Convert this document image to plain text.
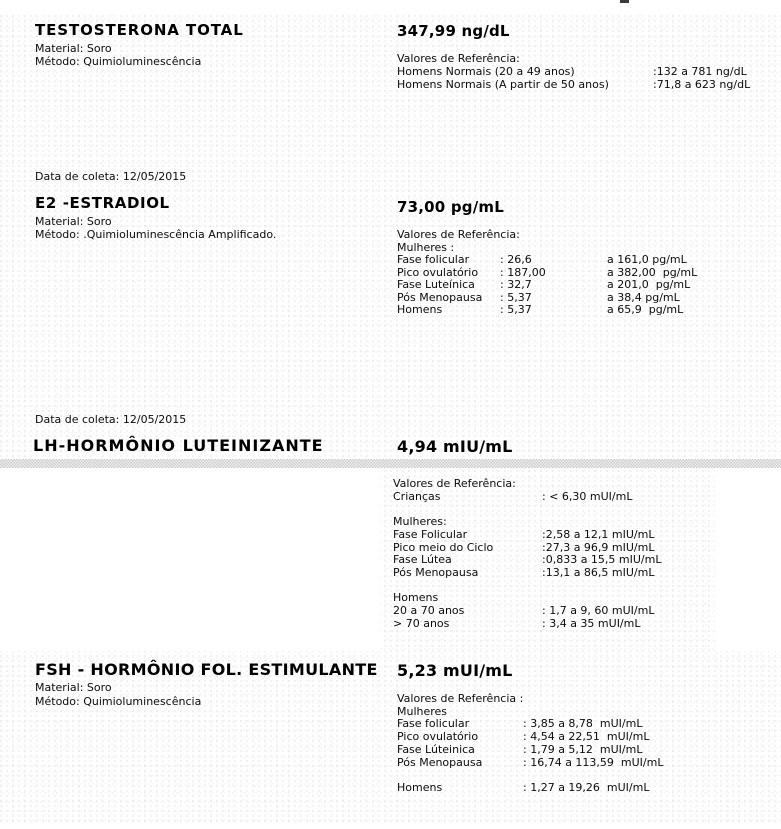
TESTOSTERONA TOTAL	347,99 ng/dL
Material: Soro
Método: Quimioluminescência	Valores de Referência:
Homens Normais (20 a 49 anos)	:132 a 781 ng/dL
Homens Normais (A partir de 50 anos)	:71,8 a 623 ng/dL
Data de coleta: 12/05/2015
E2 -ESTRADIOL	73,00 pg/mL
Material: Soro
Método: .Quimioluminescência Amplificado.	Valores de Referência:
Mulheres :
Fase folicular	: 26,6	a 161,0 pg/mL
Pico ovulatório	: 187,00	a 382,00  pg/mL
Fase Luteínica	: 32,7	a 201,0  pg/mL
Pós Menopausa	: 5,37	a 38,4 pg/mL
Homens	: 5,37	a 65,9  pg/mL
Data de coleta: 12/05/2015
LH-HORMÔNIO LUTEINIZANTE	4,94 mIU/mL
Valores de Referência:
Crianças	: < 6,30 mUI/mL
Mulheres:
Fase Folicular	:2,58 a 12,1 mIU/mL
Pico meio do Ciclo	:27,3 a 96,9 mIU/mL
Fase Lútea	:0,833 a 15,5 mIU/mL
Pós Menopausa	:13,1 a 86,5 mIU/mL
Homens
20 a 70 anos	: 1,7 a 9, 60 mUI/mL
> 70 anos	: 3,4 a 35 mUI/mL
FSH - HORMÔNIO FOL. ESTIMULANTE 5,23 mUI/mL
Material: Soro
Método: Quimioluminescência	Valores de Referência :
Mulheres
Fase folicular	: 3,85 a 8,78  mUI/mL
Pico ovulatório	: 4,54 a 22,51  mUI/mL
Fase Lúteinica	: 1,79 a 5,12  mUI/mL
Pós Menopausa	: 16,74 a 113,59  mUI/mL
Homens	: 1,27 a 19,26  mUI/mL
